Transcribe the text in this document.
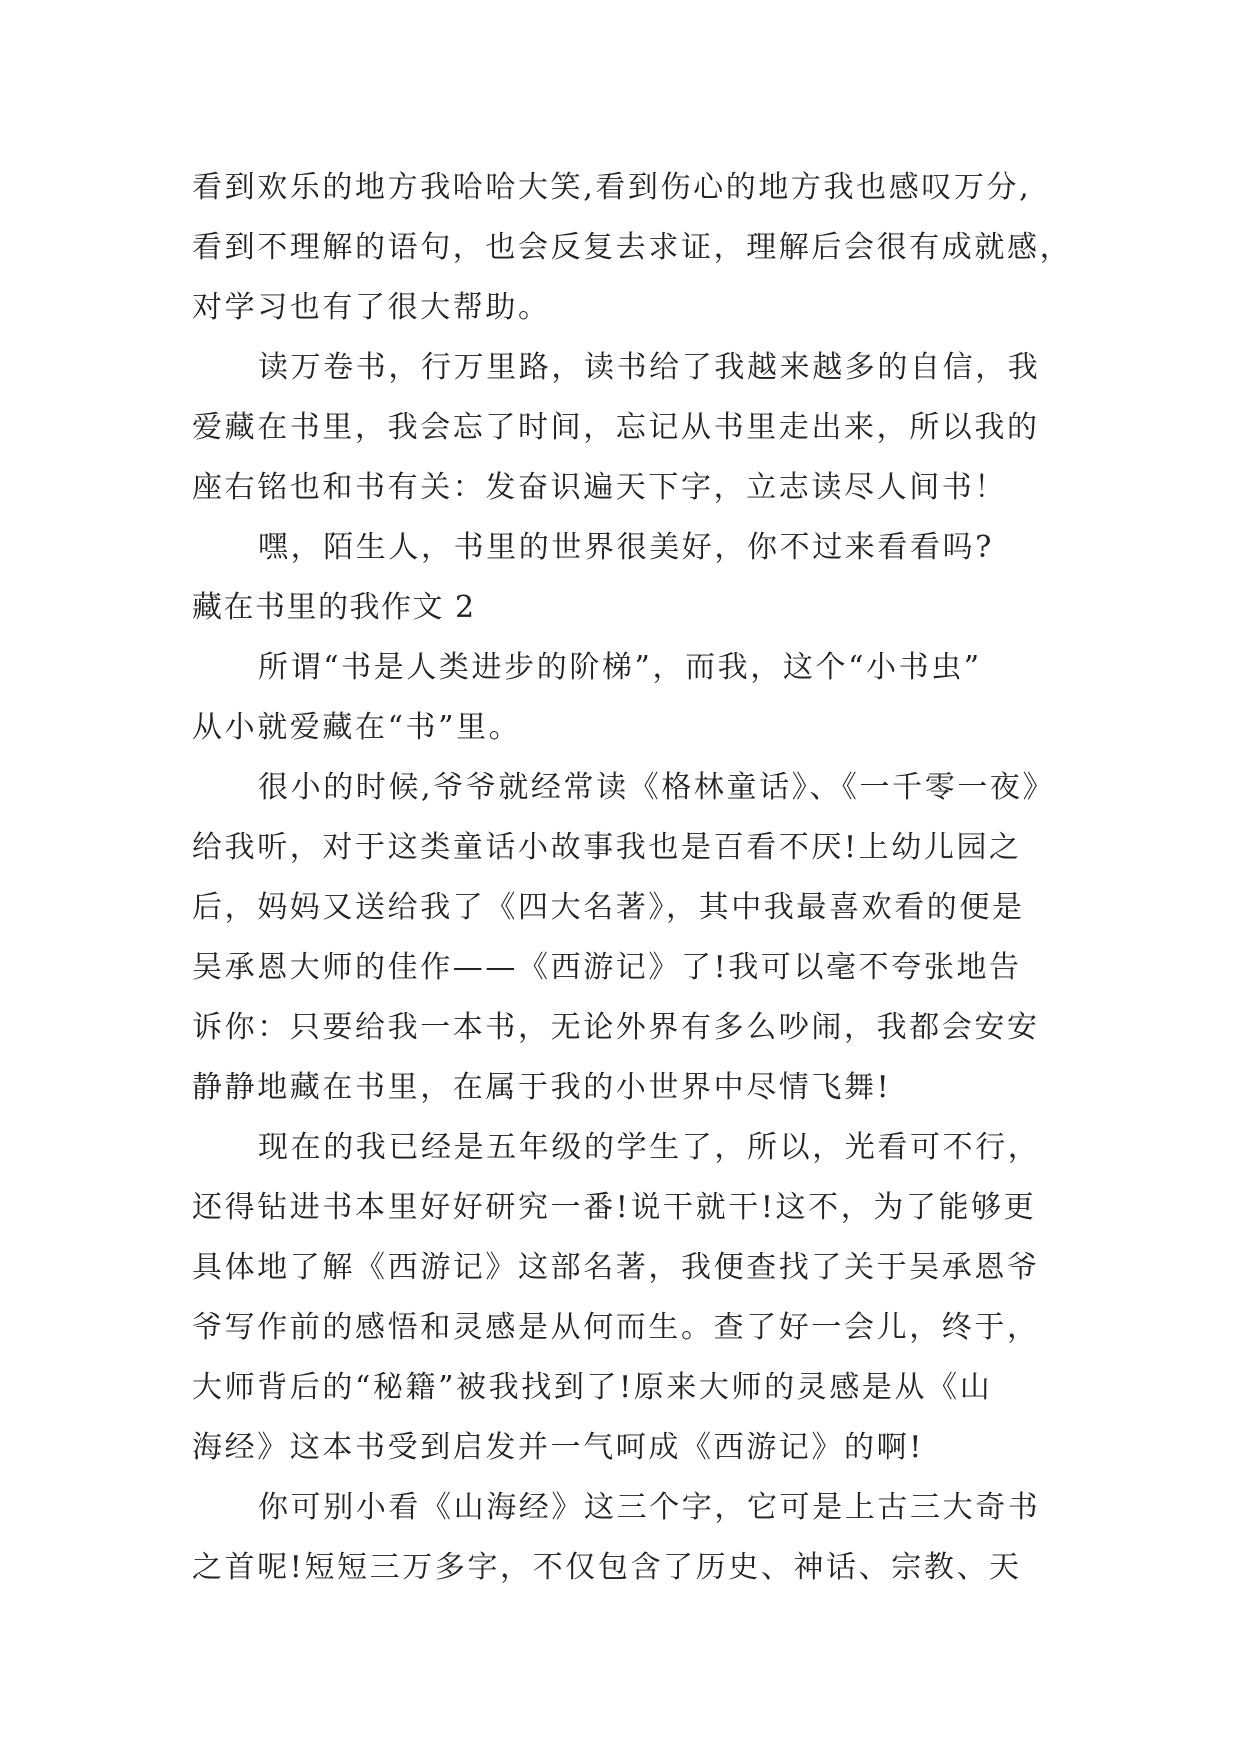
看到欢乐的地方我哈哈大笑,看到伤心的地方我也感叹万分,
看到不理解的语句，也会反复去求证，理解后会很有成就感，
对学习也有了很大帮助。
读万卷书，行万里路，读书给了我越来越多的自信，我
爱藏在书里，我会忘了时间，忘记从书里走出来，所以我的
座右铭也和书有关：发奋识遍天下字，立志读尽人间书！
嘿，陌生人，书里的世界很美好，你不过来看看吗?
藏在书里的我作文 2
所谓“书是人类进步的阶梯”，而我，这个“小书虫”
从小就爱藏在“书”里。
很小的时候,爷爷就经常读《格林童话》、《一千零一夜》
给我听，对于这类童话小故事我也是百看不厌!上幼儿园之
后，妈妈又送给我了《四大名著》，其中我最喜欢看的便是
吴承恩大师的佳作——《西游记》了!我可以毫不夸张地告
诉你：只要给我一本书，无论外界有多么吵闹，我都会安安
静静地藏在书里，在属于我的小世界中尽情飞舞!
现在的我已经是五年级的学生了，所以，光看可不行，
还得钻进书本里好好研究一番!说干就干!这不，为了能够更
具体地了解《西游记》这部名著，我便查找了关于吴承恩爷
爷写作前的感悟和灵感是从何而生。查了好一会儿，终于，
大师背后的“秘籍”被我找到了!原来大师的灵感是从《山
海经》这本书受到启发并一气呵成《西游记》的啊!
你可别小看《山海经》这三个字，它可是上古三大奇书
之首呢!短短三万多字，不仅包含了历史、神话、宗教、天
